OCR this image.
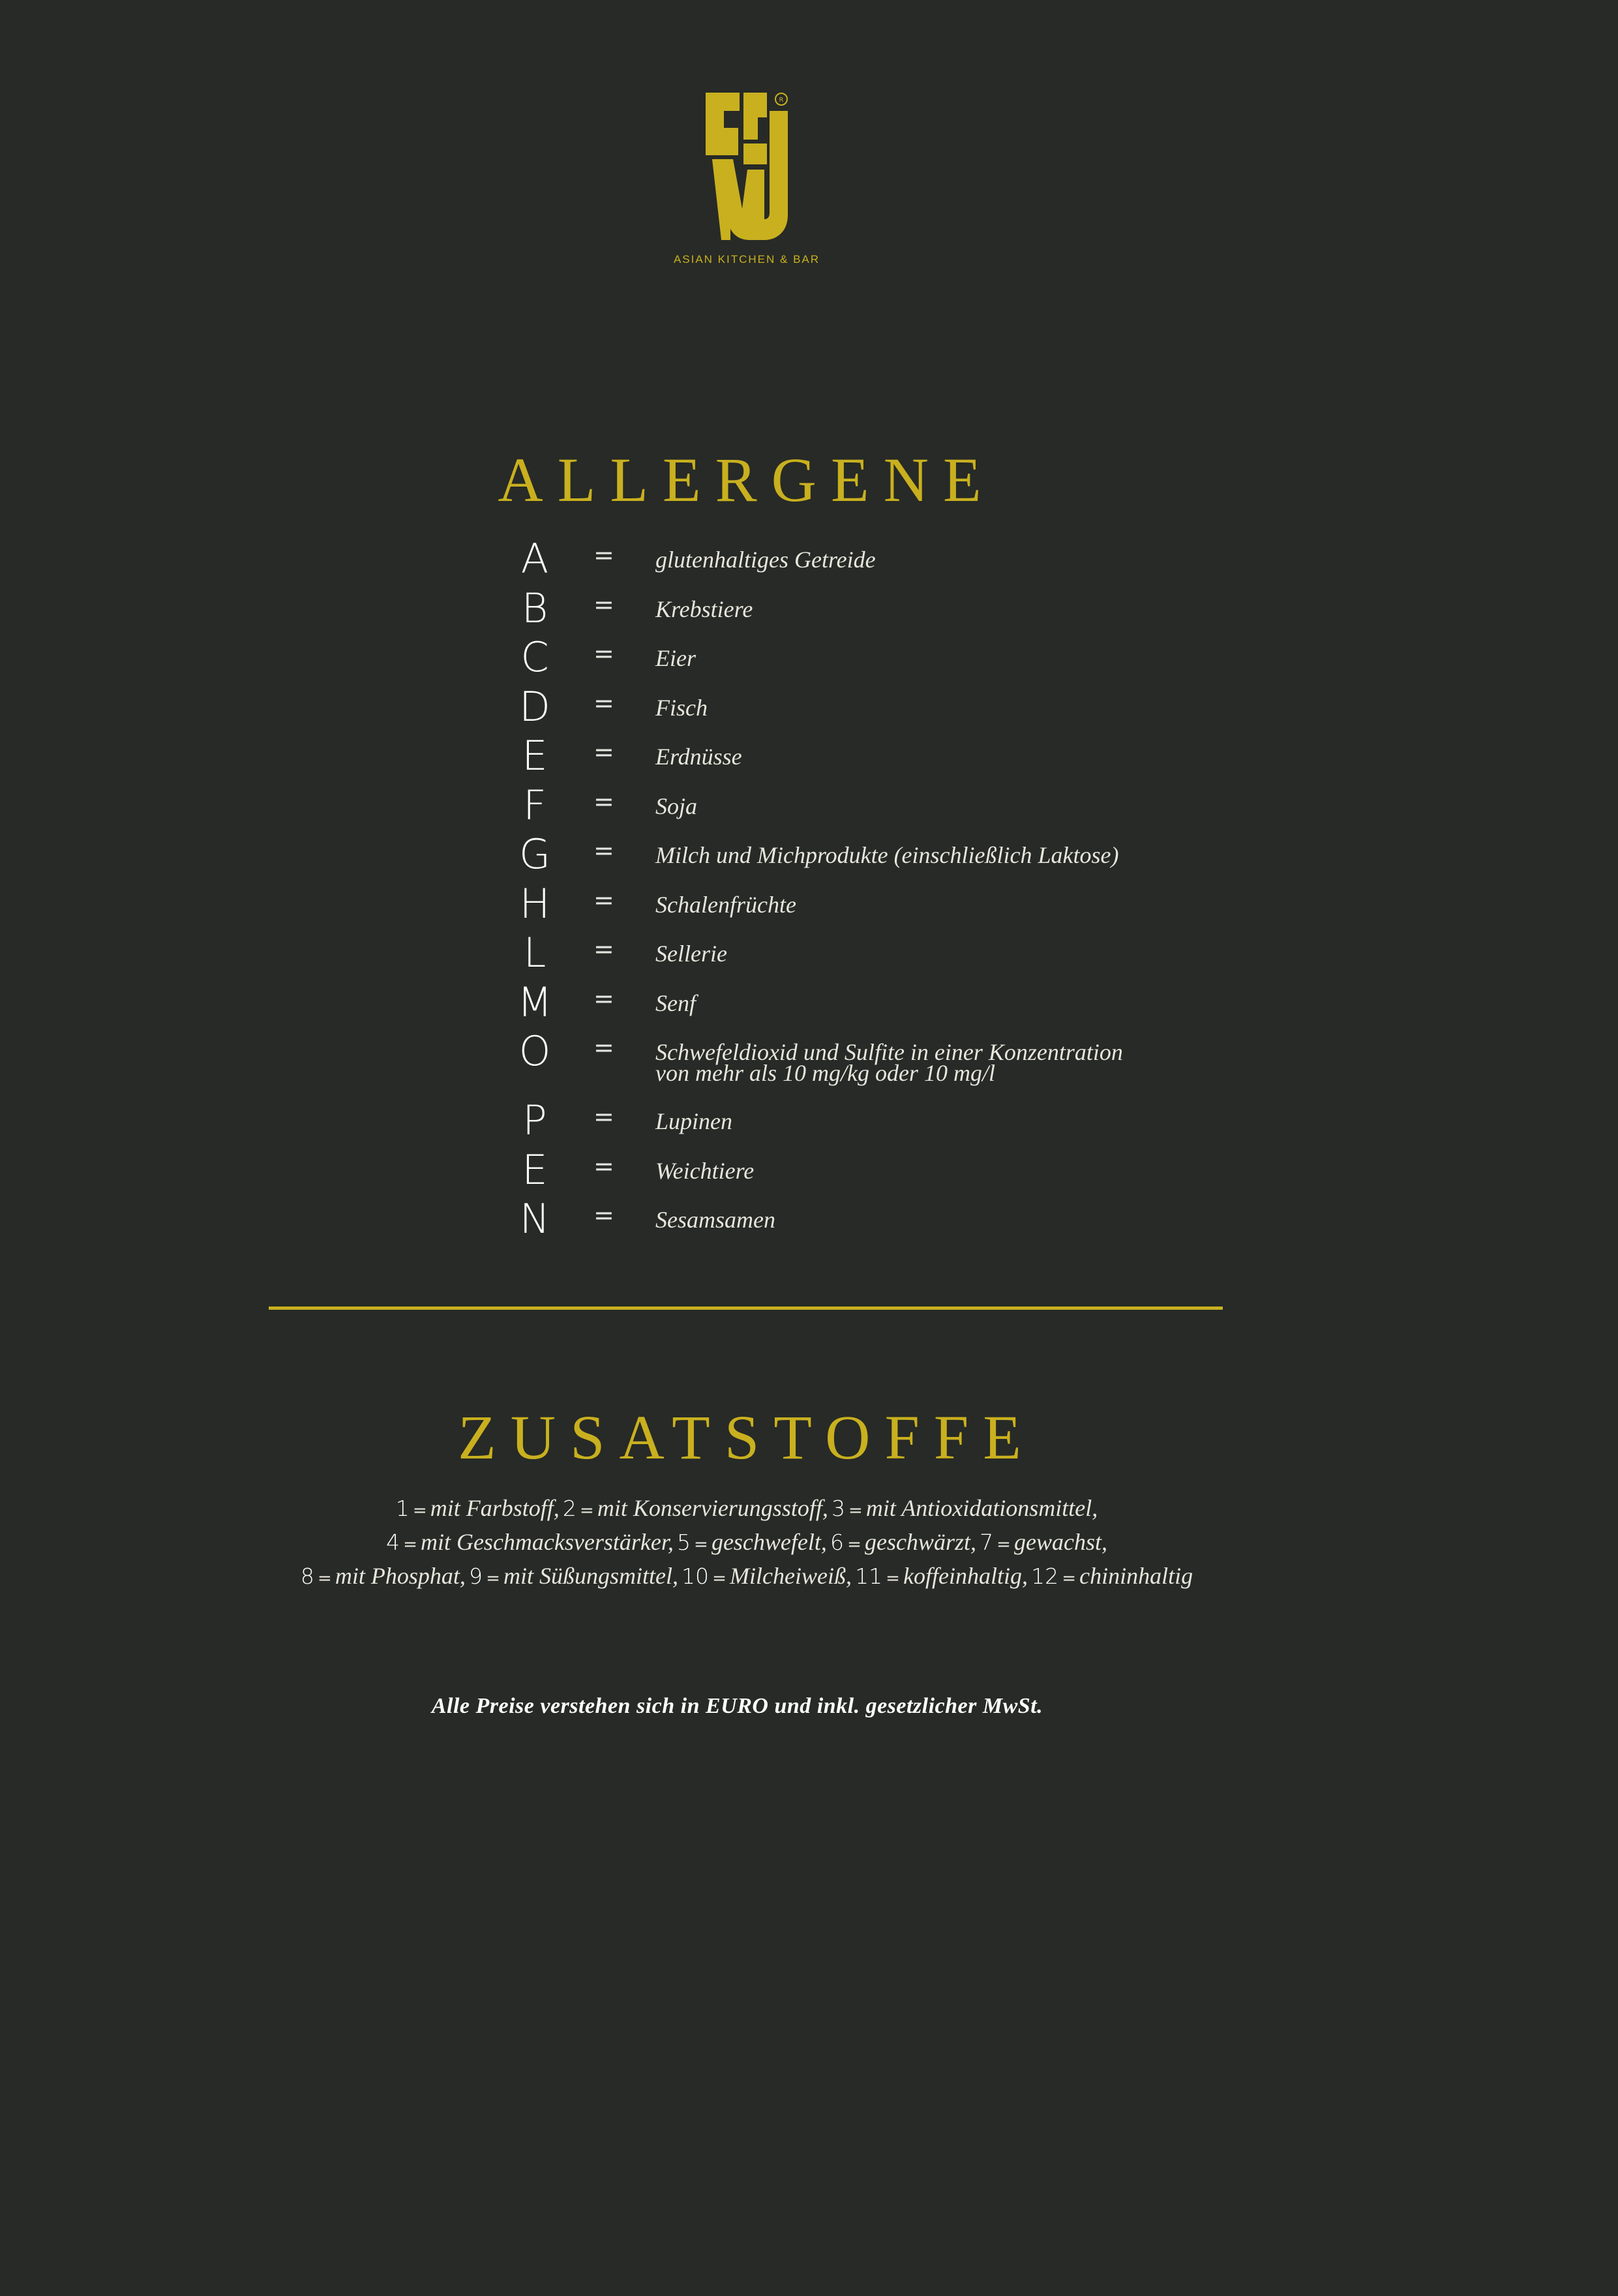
R
ASIAN KITCHEN & BAR
ALLERGENE
A = glutenhaltiges Getreide
B = Krebstiere
C = Eier
D = Fisch
E = Erdnüsse
F	= Soja
G = Milch und Michprodukte (einschließlich Laktose)
H = Schalenfrüchte
L	= Sellerie
M = Senf
O = Schwefeldioxid und Sulfite in einer Konzentration
von mehr als 10 mg/kg oder 10 mg/l
P = Lupinen
E = Weichtiere
N = Sesamsamen
ZUSATSTOFFE
1 = mit Farbstoff, 2 = mit Konservierungsstoff, 3 = mit Antioxidationsmittel,
4 = mit Geschmacksverstärker, 5 = geschwefelt, 6 = geschwärzt, 7 = gewachst,
8 = mit Phosphat, 9 = mit Süßungsmittel, 10 = Milcheiweiß, 11 = koffeinhaltig, 12 = chininhaltig
Alle Preise verstehen sich in EURO und inkl. gesetzlicher MwSt.
